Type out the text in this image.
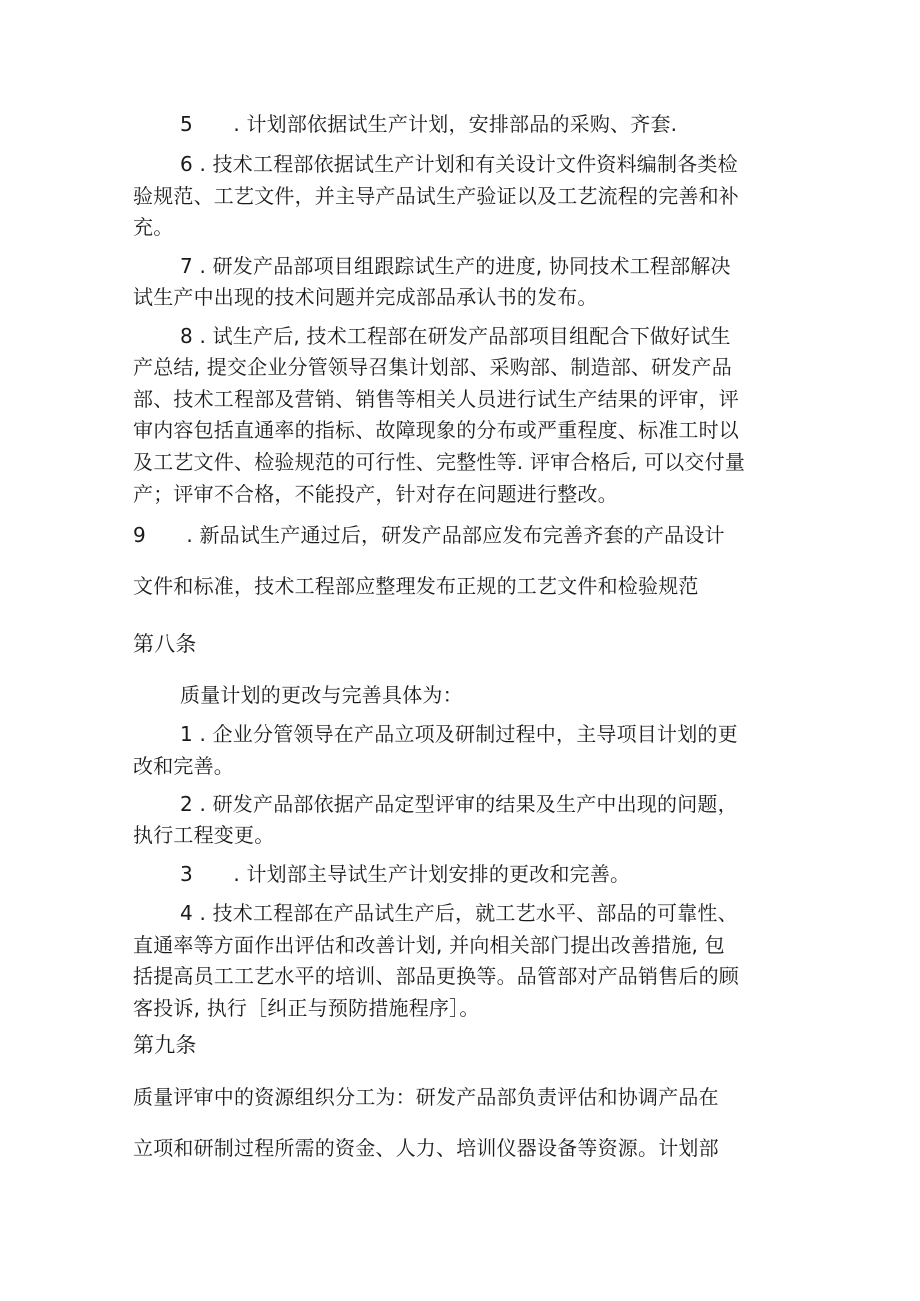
5　　. 计划部依据试生产计划，安排部品的采购、齐套.
6 . 技术工程部依据试生产计划和有关设计文件资料编制各类检
验规范、工艺文件，并主导产品试生产验证以及工艺流程的完善和补
充。
7 . 研发产品部项目组跟踪试生产的进度, 协同技术工程部解决
试生产中出现的技术问题并完成部品承认书的发布。
8 . 试生产后, 技术工程部在研发产品部项目组配合下做好试生
产总结, 提交企业分管领导召集计划部、采购部、制造部、研发产品
部、技术工程部及营销、销售等相关人员进行试生产结果的评审，评
审内容包括直通率的指标、故障现象的分布或严重程度、标准工时以
及工艺文件、检验规范的可行性、完整性等. 评审合格后, 可以交付量
产；评审不合格，不能投产，针对存在问题进行整改。
9　　. 新品试生产通过后，研发产品部应发布完善齐套的产品设计
文件和标准，技术工程部应整理发布正规的工艺文件和检验规范
第八条
质量计划的更改与完善具体为：
1 . 企业分管领导在产品立项及研制过程中，主导项目计划的更
改和完善。
2 . 研发产品部依据产品定型评审的结果及生产中出现的问题，
执行工程变更。
3　　. 计划部主导试生产计划安排的更改和完善。
4 . 技术工程部在产品试生产后，就工艺水平、部品的可靠性、
直通率等方面作出评估和改善计划, 并向相关部门提出改善措施, 包
括提高员工工艺水平的培训、部品更换等。品管部对产品销售后的顾
客投诉, 执行［纠正与预防措施程序］。
第九条
质量评审中的资源组织分工为：研发产品部负责评估和协调产品在
立项和研制过程所需的资金、人力、培训仪器设备等资源。计划部
